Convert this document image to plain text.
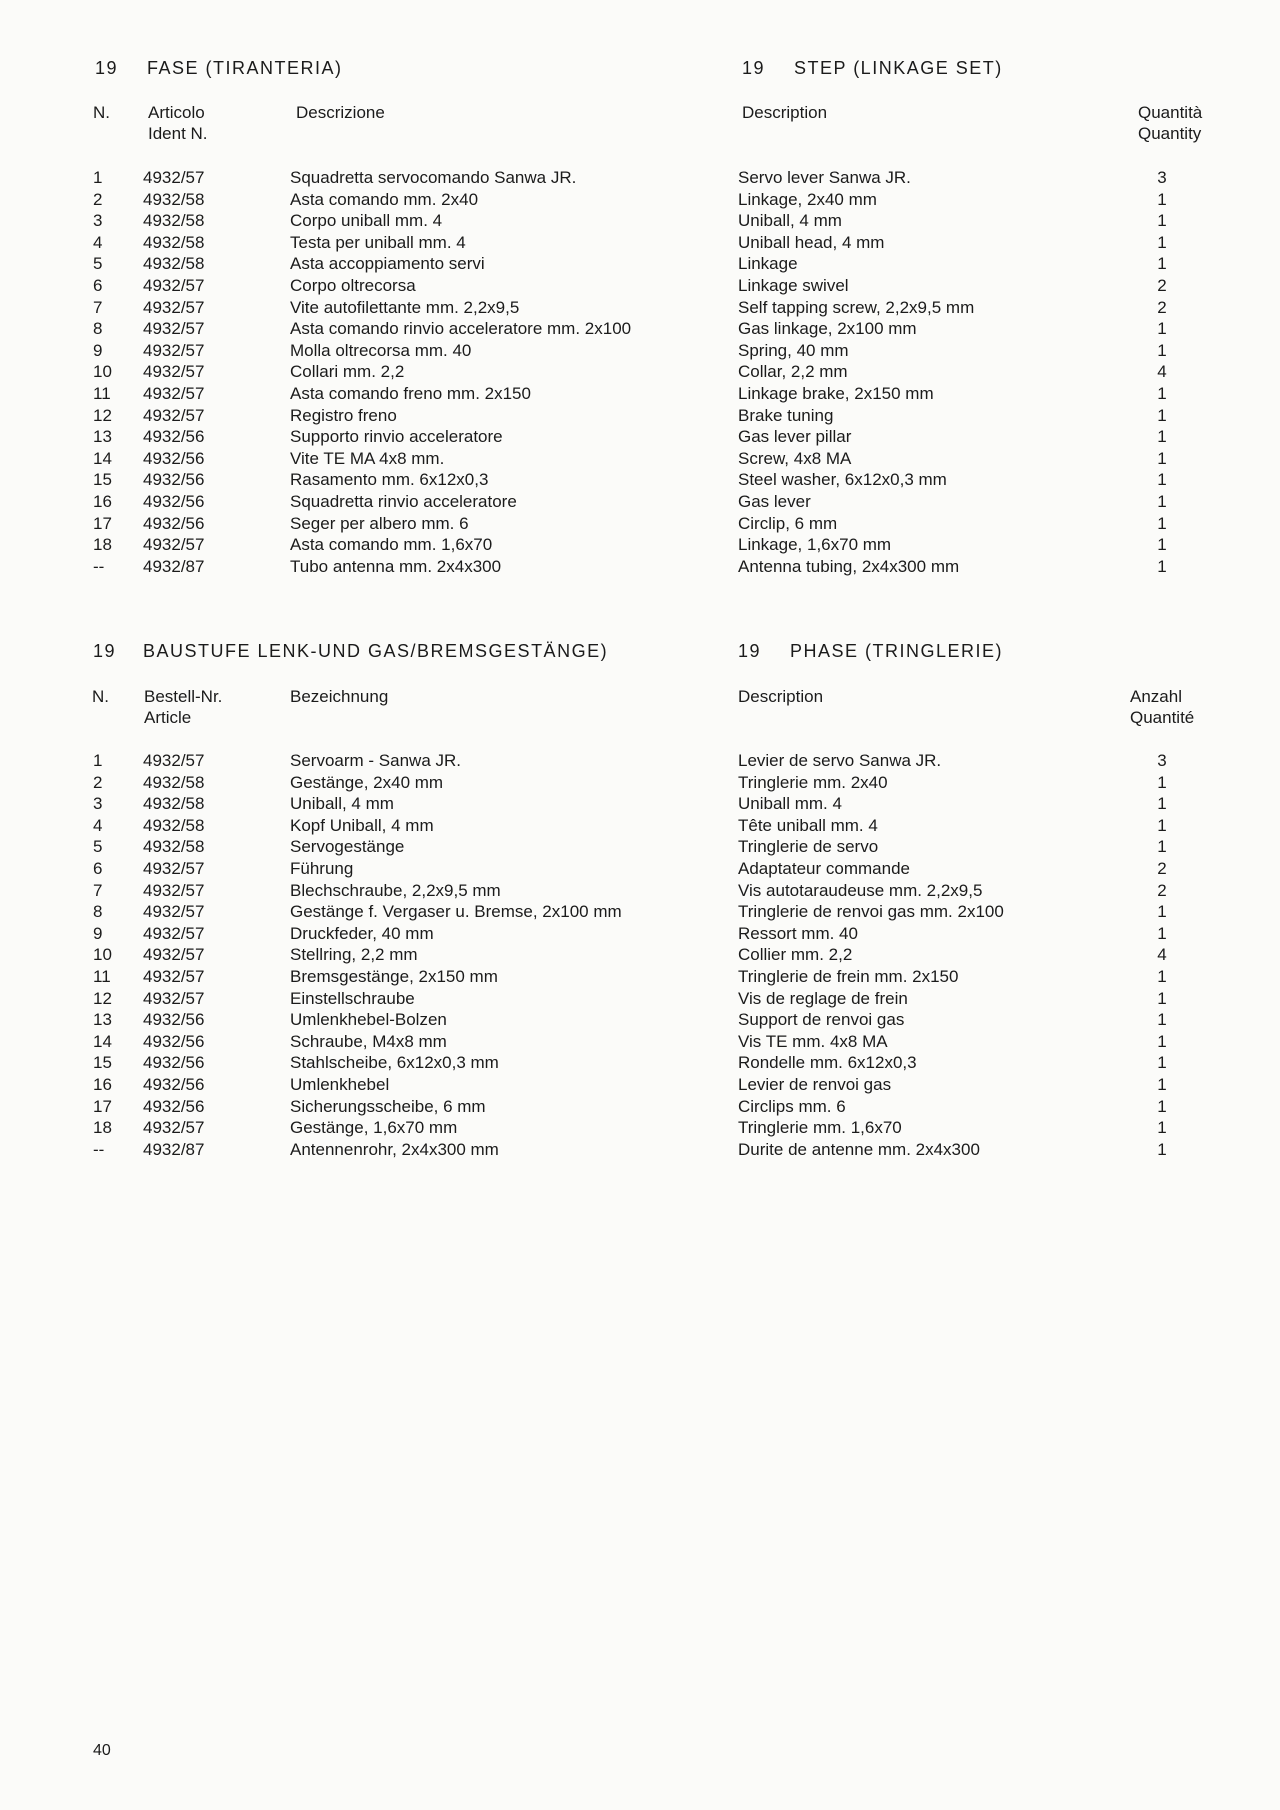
19 FASE (TIRANTERIA)	19 STEP (LINKAGE SET)
N. Articolo
Ident N.
Descrizione	Description	Quantità
Quantity
1 4932/57	Squadretta servocomando Sanwa JR.	Servo lever Sanwa JR.	3
2 4932/58	Asta comando mm. 2x40	Linkage, 2x40 mm	1
3 4932/58	Corpo uniball mm. 4	Uniball, 4 mm	1
4 4932/58	Testa per uniball mm. 4	Uniball head, 4 mm	1
5 4932/58	Asta accoppiamento servi	Linkage	1
6 4932/57	Corpo oltrecorsa	Linkage swivel	2
7 4932/57	Vite autofilettante mm. 2,2x9,5	Self tapping screw, 2,2x9,5 mm	2
8 4932/57	Asta comando rinvio acceleratore mm. 2x100	Gas linkage, 2x100 mm	1
9 4932/57	Molla oltrecorsa mm. 40	Spring, 40 mm	1
10 4932/57	Collari mm. 2,2	Collar, 2,2 mm	4
11 4932/57	Asta comando freno mm. 2x150	Linkage brake, 2x150 mm	1
12 4932/57	Registro freno	Brake tuning	1
13 4932/56	Supporto rinvio acceleratore	Gas lever pillar	1
14 4932/56	Vite TE MA 4x8 mm.	Screw, 4x8 MA	1
15 4932/56	Rasamento mm. 6x12x0,3	Steel washer, 6x12x0,3 mm	1
16 4932/56	Squadretta rinvio acceleratore	Gas lever	1
17 4932/56	Seger per albero mm. 6	Circlip, 6 mm	1
18 4932/57	Asta comando mm. 1,6x70	Linkage, 1,6x70 mm	1
-- 4932/87	Tubo antenna mm. 2x4x300	Antenna tubing, 2x4x300 mm	1
19 BAUSTUFE LENK-UND GAS/BREMSGESTÄNGE)	19 PHASE (TRINGLERIE)
N. Bestell-Nr.
Article
Bezeichnung	Description	Anzahl
Quantité
1 4932/57	Servoarm - Sanwa JR.	Levier de servo Sanwa JR.	3
2 4932/58	Gestänge, 2x40 mm	Tringlerie mm. 2x40	1
3 4932/58	Uniball, 4 mm	Uniball mm. 4	1
4 4932/58	Kopf Uniball, 4 mm	Tête uniball mm. 4	1
5 4932/58	Servogestänge	Tringlerie de servo	1
6 4932/57	Führung	Adaptateur commande	2
7 4932/57	Blechschraube, 2,2x9,5 mm	Vis autotaraudeuse mm. 2,2x9,5	2
8 4932/57	Gestänge f. Vergaser u. Bremse, 2x100 mm	Tringlerie de renvoi gas mm. 2x100	1
9 4932/57	Druckfeder, 40 mm	Ressort mm. 40	1
10 4932/57	Stellring, 2,2 mm	Collier mm. 2,2	4
11 4932/57	Bremsgestänge, 2x150 mm	Tringlerie de frein mm. 2x150	1
12 4932/57	Einstellschraube	Vis de reglage de frein	1
13 4932/56	Umlenkhebel-Bolzen	Support de renvoi gas	1
14 4932/56	Schraube, M4x8 mm	Vis TE mm. 4x8 MA	1
15 4932/56	Stahlscheibe, 6x12x0,3 mm	Rondelle mm. 6x12x0,3	1
16 4932/56	Umlenkhebel	Levier de renvoi gas	1
17 4932/56	Sicherungsscheibe, 6 mm	Circlips mm. 6	1
18 4932/57	Gestänge, 1,6x70 mm	Tringlerie mm. 1,6x70	1
-- 4932/87	Antennenrohr, 2x4x300 mm	Durite de antenne mm. 2x4x300	1
40
